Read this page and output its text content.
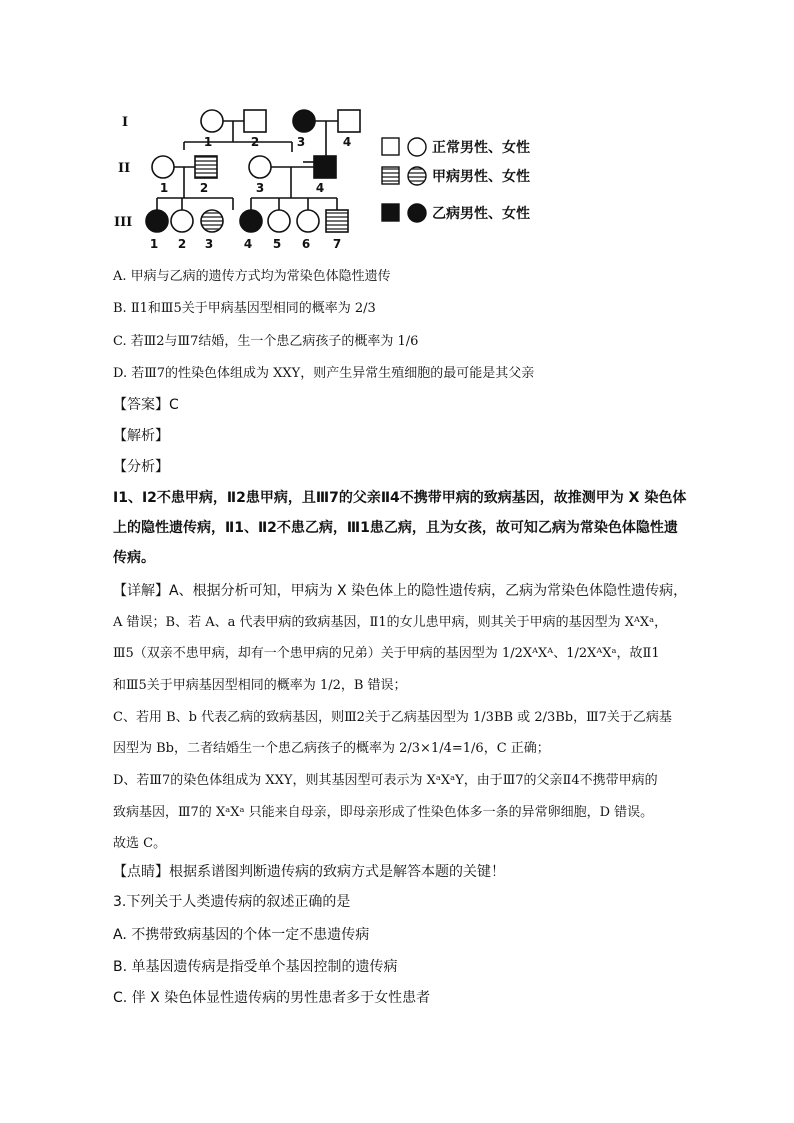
I
II
III
1	2	3	4
1	2	3	4
1 2 3	4 5 6 7
正常男性、女性
甲病男性、女性
乙病男性、女性
A. 甲病与乙病的遗传方式均为常染色体隐性遗传
B. Ⅱ1和Ⅲ5关于甲病基因型相同的概率为 2/3
C. 若Ⅲ2与Ⅲ7结婚，生一个患乙病孩子的概率为 1/6
D. 若Ⅲ7的性染色体组成为 XXY，则产生异常生殖细胞的最可能是其父亲
【答案】C
【解析】
【分析】
Ⅰ1、Ⅰ2不患甲病，Ⅱ2患甲病，且Ⅲ7的父亲Ⅱ4不携带甲病的致病基因，故推测甲为 X 染色体
上的隐性遗传病，Ⅱ1、Ⅱ2不患乙病，Ⅲ1患乙病，且为女孩，故可知乙病为常染色体隐性遗
传病。
【详解】A、根据分析可知，甲病为 X 染色体上的隐性遗传病，乙病为常染色体隐性遗传病，
A 错误；B、若 A、a 代表甲病的致病基因，Ⅱ1的女儿患甲病，则其关于甲病的基因型为 XᴬXᵃ，
Ⅲ5（双亲不患甲病，却有一个患甲病的兄弟）关于甲病的基因型为 1/2XᴬXᴬ、1/2XᴬXᵃ，故Ⅱ1
和Ⅲ5关于甲病基因型相同的概率为 1/2，B 错误；
C、若用 B、b 代表乙病的致病基因，则Ⅲ2关于乙病基因型为 1/3BB 或 2/3Bb，Ⅲ7关于乙病基
因型为 Bb，二者结婚生一个患乙病孩子的概率为 2/3×1/4=1/6，C 正确；
D、若Ⅲ7的染色体组成为 XXY，则其基因型可表示为 XᵃXᵃY，由于Ⅲ7的父亲Ⅱ4不携带甲病的
致病基因，Ⅲ7的 XᵃXᵃ 只能来自母亲，即母亲形成了性染色体多一条的异常卵细胞，D 错误。
故选 C。
【点睛】根据系谱图判断遗传病的致病方式是解答本题的关键！
3.下列关于人类遗传病的叙述正确的是
A. 不携带致病基因的个体一定不患遗传病
B. 单基因遗传病是指受单个基因控制的遗传病
C. 伴 X 染色体显性遗传病的男性患者多于女性患者
